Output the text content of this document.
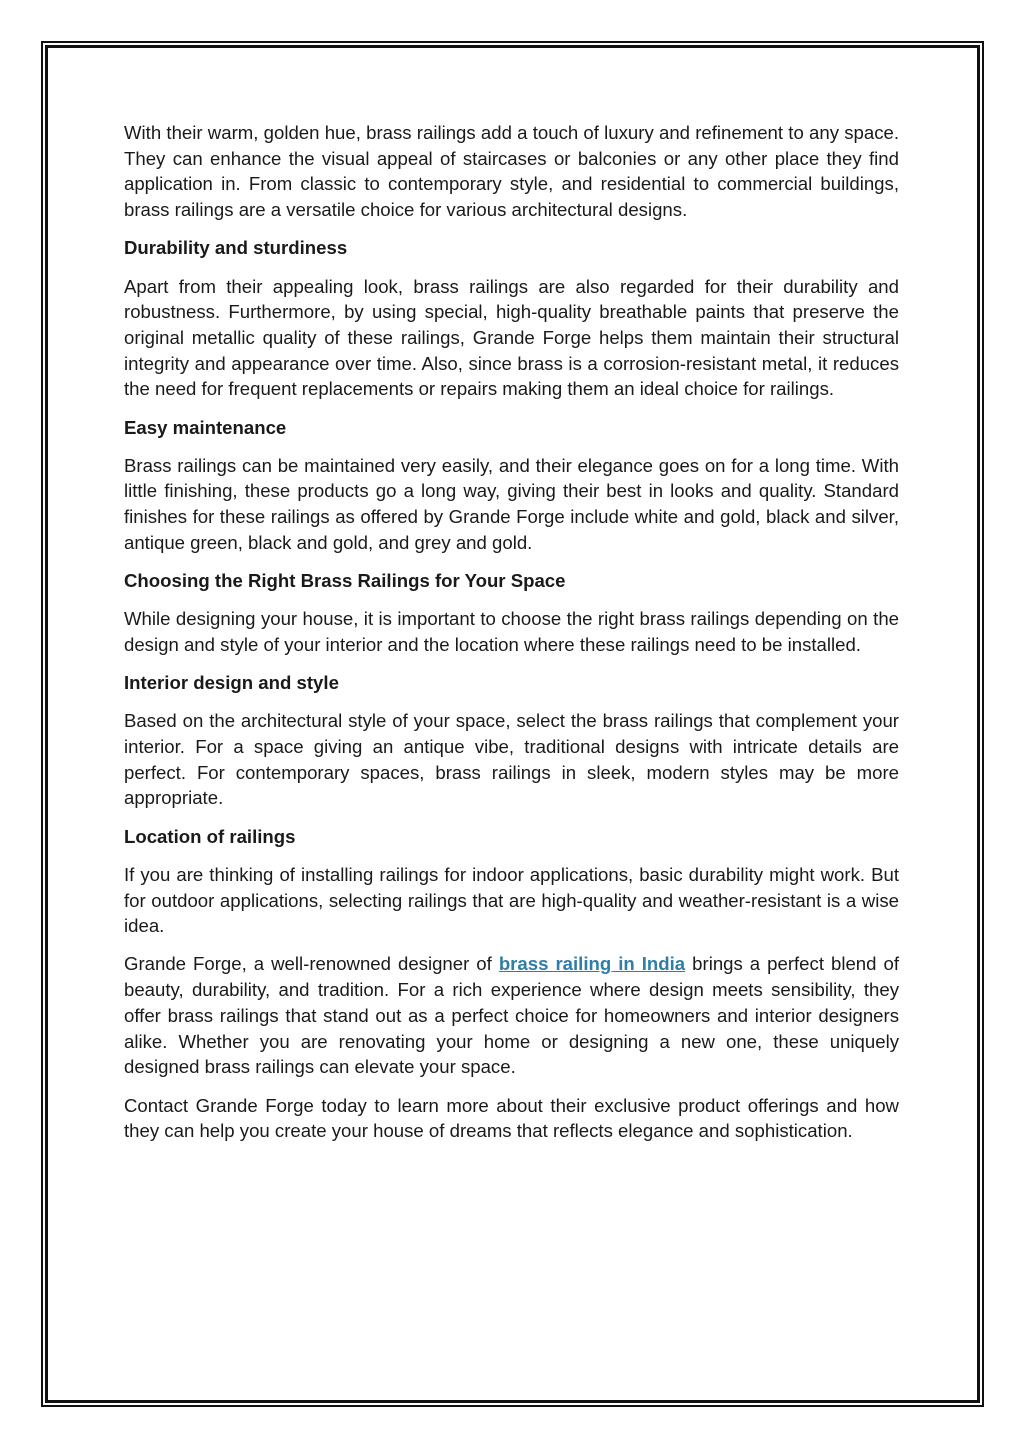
With their warm, golden hue, brass railings add a touch of luxury and refinement to any space. They can enhance the visual appeal of staircases or balconies or any other place they find application in. From classic to contemporary style, and residential to commercial buildings, brass railings are a versatile choice for various architectural designs.

Durability and sturdiness

Apart from their appealing look, brass railings are also regarded for their durability and robustness. Furthermore, by using special, high-quality breathable paints that preserve the original metallic quality of these railings, Grande Forge helps them maintain their structural integrity and appearance over time. Also, since brass is a corrosion-resistant metal, it reduces the need for frequent replacements or repairs making them an ideal choice for railings.

Easy maintenance

Brass railings can be maintained very easily, and their elegance goes on for a long time. With little finishing, these products go a long way, giving their best in looks and quality. Standard finishes for these railings as offered by Grande Forge include white and gold, black and silver, antique green, black and gold, and grey and gold.

Choosing the Right Brass Railings for Your Space

While designing your house, it is important to choose the right brass railings depending on the design and style of your interior and the location where these railings need to be installed.

Interior design and style

Based on the architectural style of your space, select the brass railings that complement your interior. For a space giving an antique vibe, traditional designs with intricate details are perfect. For contemporary spaces, brass railings in sleek, modern styles may be more appropriate.

Location of railings

If you are thinking of installing railings for indoor applications, basic durability might work. But for outdoor applications, selecting railings that are high-quality and weather-resistant is a wise idea.

Grande Forge, a well-renowned designer of brass railing in India brings a perfect blend of beauty, durability, and tradition. For a rich experience where design meets sensibility, they offer brass railings that stand out as a perfect choice for homeowners and interior designers alike. Whether you are renovating your home or designing a new one, these uniquely designed brass railings can elevate your space.

Contact Grande Forge today to learn more about their exclusive product offerings and how they can help you create your house of dreams that reflects elegance and sophistication.
